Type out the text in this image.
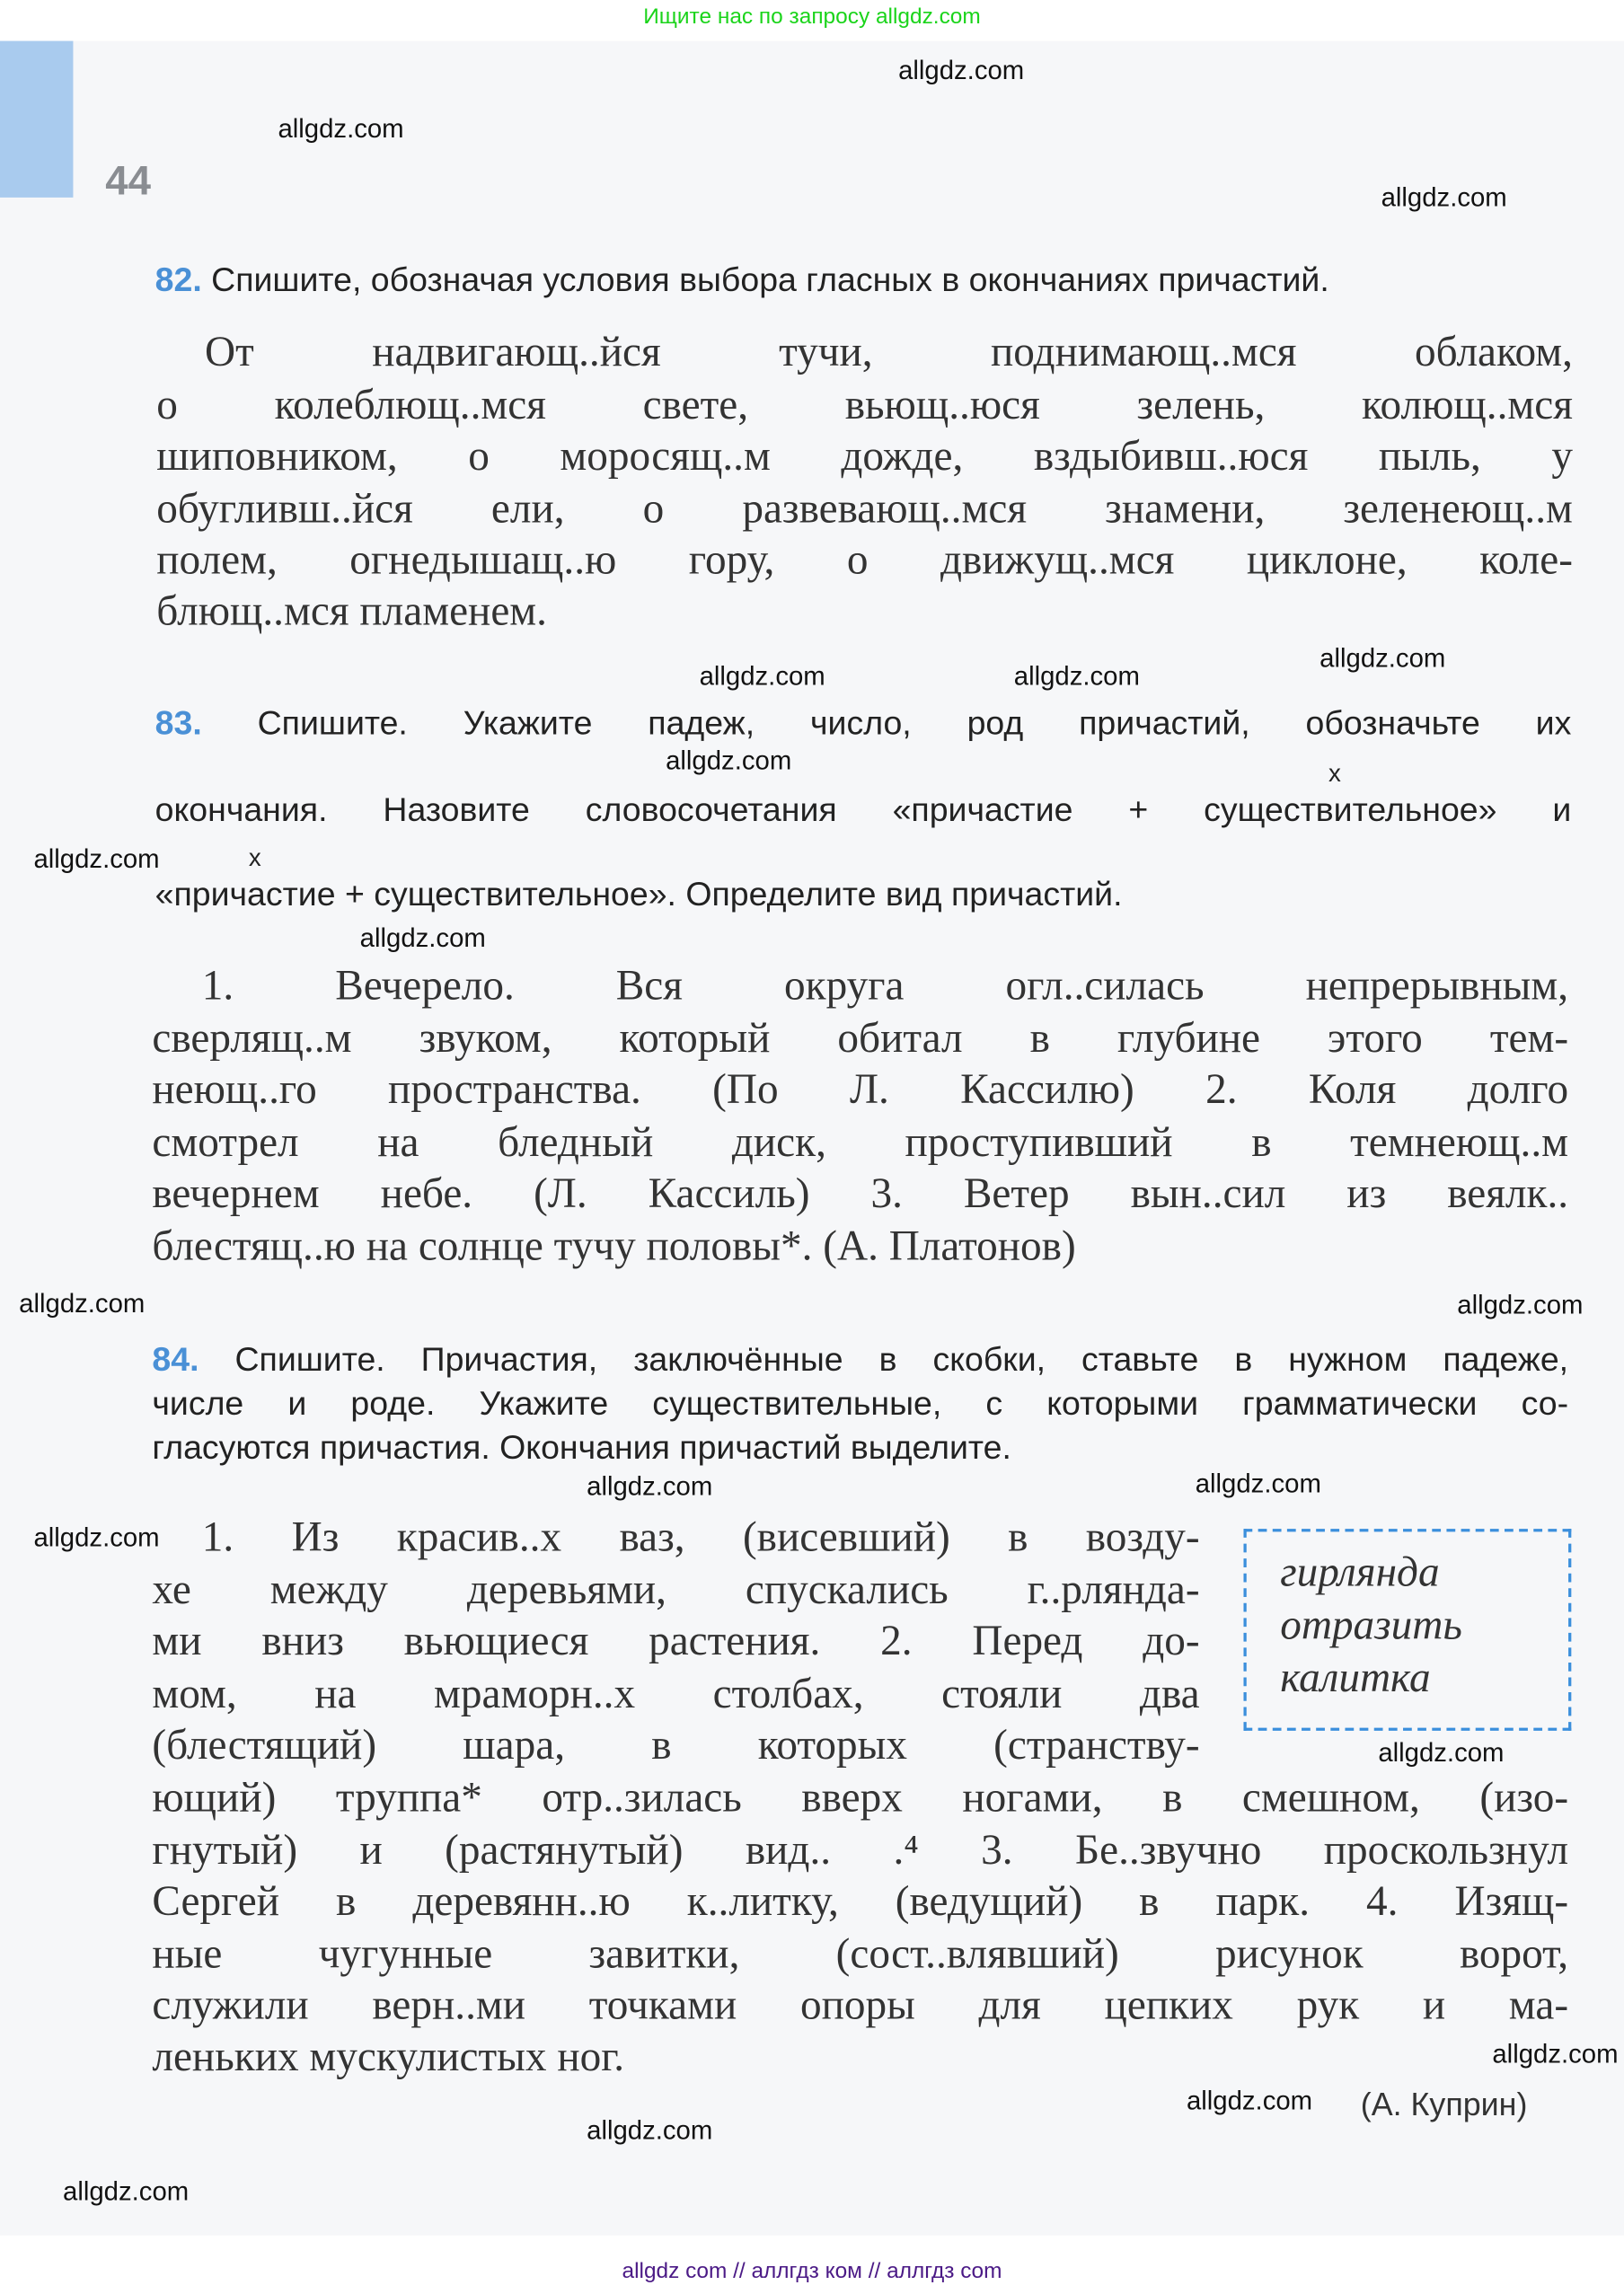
Ищите нас по запросу allgdz.com
44
82. Спишите, обозначая условия выбора гласных в окончаниях причастий.
83.	Спишите. Укажите падеж, число, род причастий, обозначьте их
х
окончания. Назовите словосочетания «причастие + существительное» и
х
«причастие + существительное». Определите вид причастий.
84. Спишите. Причастия, заключённые в скобки, ставьте в нужном падеже,
числе и роде. Укажите существительные, с которыми грамматически со-
гласуются причастия. Окончания причастий выделите.
гирлянда
отразить
калитка
(А. Куприн)
allgdz com // аллгдз ком // аллгдз com
От надвигающ..йся тучи, поднимающ..мся облаком,
о колеблющ..мся свете, вьющ..юся зелень, колющ..мся
шиповником, о моросящ..м дожде, вздыбивш..юся пыль, у
обугливш..йся ели, о развевающ..мся знамени, зеленеющ..м
полем, огнедышащ..ю гору, о движущ..мся циклоне, коле-
блющ..мся пламенем.
1. Вечерело. Вся округа огл..силась непрерывным,
сверлящ..м звуком, который обитал в глубине этого тем-
неющ..го пространства. (По Л. Кассилю) 2. Коля долго
смотрел на бледный диск, проступивший в темнеющ..м
вечернем небе. (Л. Кассиль) 3. Ветер вын..сил из веялк..
блестящ..ю на солнце тучу половы*. (А. Платонов)
1. Из красив..х ваз, (висевший) в возду-
хе между деревьями, спускались г..рлянда-
ми вниз вьющиеся растения. 2. Перед до-
мом, на мраморн..х столбах, стояли два
(блестящий) шара, в которых (странству-
ющий) труппа* отр..зилась вверх ногами, в смешном, (изо-
гнутый) и (растянутый) вид.. .⁴ 3. Бе..звучно проскользнул
Сергей в деревянн..ю к..литку, (ведущий) в парк. 4. Изящ-
ные чугунные завитки, (сост..влявший) рисунок ворот,
служили верн..ми точками опоры для цепких рук и ма-
леньких мускулистых ног.
allgdz.com
allgdz.com
allgdz.com
allgdz.com
allgdz.com
allgdz.com
allgdz.com
allgdz.com
allgdz.com
allgdz.com
allgdz.com
allgdz.com
allgdz.com
allgdz.com
allgdz.com
allgdz.com
allgdz.com
allgdz.com
allgdz.com
